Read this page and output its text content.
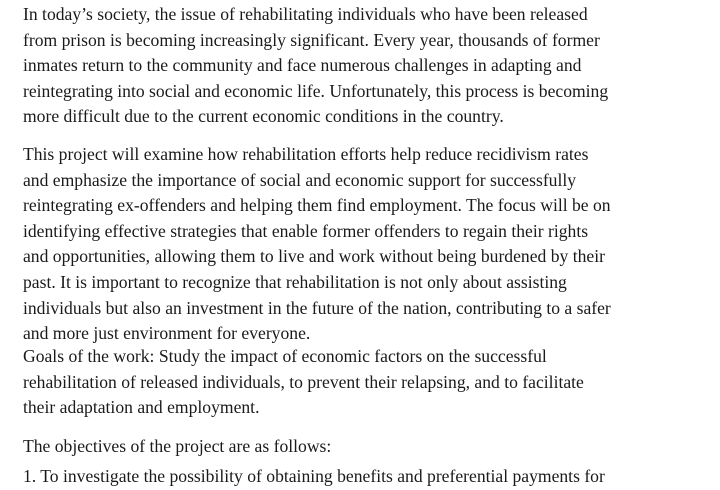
In today’s society, the issue of rehabilitating individuals who have been released
from prison is becoming increasingly significant. Every year, thousands of former
inmates return to the community and face numerous challenges in adapting and
reintegrating into social and economic life. Unfortunately, this process is becoming
more difficult due to the current economic conditions in the country.

This project will examine how rehabilitation efforts help reduce recidivism rates
and emphasize the importance of social and economic support for successfully
reintegrating ex-offenders and helping them find employment. The focus will be on
identifying effective strategies that enable former offenders to regain their rights
and opportunities, allowing them to live and work without being burdened by their
past. It is important to recognize that rehabilitation is not only about assisting
individuals but also an investment in the future of the nation, contributing to a safer
and more just environment for everyone.

Goals of the work: Study the impact of economic factors on the successful
rehabilitation of released individuals, to prevent their relapsing, and to facilitate
their adaptation and employment.

The objectives of the project are as follows:

1. To investigate the possibility of obtaining benefits and preferential payments for
